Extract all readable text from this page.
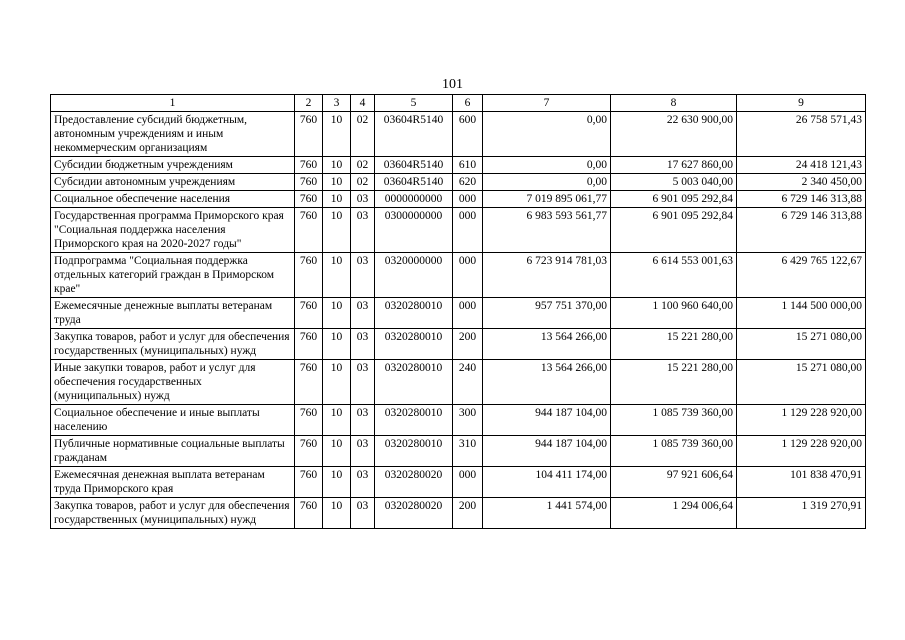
101
1	2	3	4	5	6	7	8	9
Предоставление субсидий бюджетным, автономным учреждениям и иным некоммерческим организациям	760	10	02	03604R5140	600	0,00	22 630 900,00	26 758 571,43
Субсидии бюджетным учреждениям	760	10	02	03604R5140	610	0,00	17 627 860,00	24 418 121,43
Субсидии автономным учреждениям	760	10	02	03604R5140	620	0,00	5 003 040,00	2 340 450,00
Социальное обеспечение населения	760	10	03	0000000000	000	7 019 895 061,77	6 901 095 292,84	6 729 146 313,88
Государственная программа Приморского края "Социальная поддержка населения Приморского края на 2020-2027 годы"	760	10	03	0300000000	000	6 983 593 561,77	6 901 095 292,84	6 729 146 313,88
Подпрограмма "Социальная поддержка отдельных категорий граждан в Приморском крае"	760	10	03	0320000000	000	6 723 914 781,03	6 614 553 001,63	6 429 765 122,67
Ежемесячные денежные выплаты ветеранам труда	760	10	03	0320280010	000	957 751 370,00	1 100 960 640,00	1 144 500 000,00
Закупка товаров, работ и услуг для обеспечения государственных (муниципальных) нужд	760	10	03	0320280010	200	13 564 266,00	15 221 280,00	15 271 080,00
Иные закупки товаров, работ и услуг для обеспечения государственных (муниципальных) нужд	760	10	03	0320280010	240	13 564 266,00	15 221 280,00	15 271 080,00
Социальное обеспечение и иные выплаты населению	760	10	03	0320280010	300	944 187 104,00	1 085 739 360,00	1 129 228 920,00
Публичные нормативные социальные выплаты гражданам	760	10	03	0320280010	310	944 187 104,00	1 085 739 360,00	1 129 228 920,00
Ежемесячная денежная выплата ветеранам труда Приморского края	760	10	03	0320280020	000	104 411 174,00	97 921 606,64	101 838 470,91
Закупка товаров, работ и услуг для обеспечения государственных (муниципальных) нужд	760	10	03	0320280020	200	1 441 574,00	1 294 006,64	1 319 270,91
